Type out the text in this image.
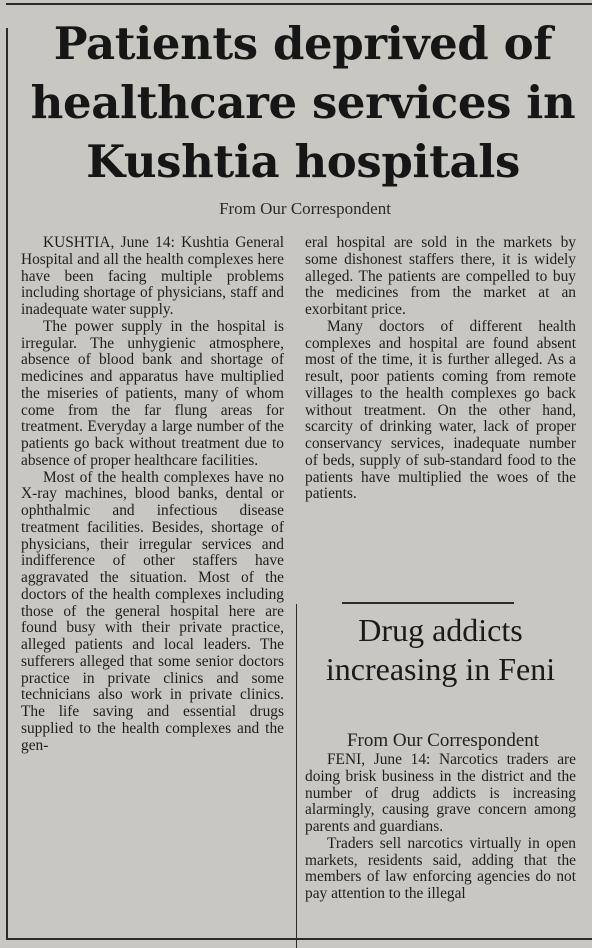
Patients deprived of healthcare services in Kushtia hospitals
From Our Correspondent

KUSHTIA, June 14: Kushtia General Hospital and all the health complexes here have been facing multiple problems including shortage of physicians, staff and inadequate water supply.

The power supply in the hospital is irregular. The unhygienic atmosphere, absence of blood bank and shortage of medicines and apparatus have multiplied the miseries of patients, many of whom come from the far flung areas for treatment. Everyday a large number of the patients go back without treatment due to absence of proper healthcare facilities.

Most of the health complexes have no X-ray machines, blood banks, dental or ophthalmic and infectious disease treatment facilities. Besides, shortage of physicians, their irregular services and indifference of other staffers have aggravated the situation. Most of the doctors of the health complexes including those of the general hospital here are found busy with their private practice, alleged patients and local leaders. The sufferers alleged that some senior doctors practice in private clinics and some technicians also work in private clinics. The life saving and essential drugs supplied to the health complexes and the gen-

eral hospital are sold in the markets by some dishonest staffers there, it is widely alleged. The patients are compelled to buy the medicines from the market at an exorbitant price.

Many doctors of different health complexes and hospital are found absent most of the time, it is further alleged. As a result, poor patients coming from remote villages to the health complexes go back without treatment. On the other hand, scarcity of drinking water, lack of proper conservancy services, inadequate number of beds, supply of sub-standard food to the patients have multiplied the woes of the patients.

Drug addicts increasing in Feni
From Our Correspondent

FENI, June 14: Narcotics traders are doing brisk business in the district and the number of drug addicts is increasing alarmingly, causing grave concern among parents and guardians.

Traders sell narcotics virtually in open markets, residents said, adding that the members of law enforcing agencies do not pay attention to the illegal
